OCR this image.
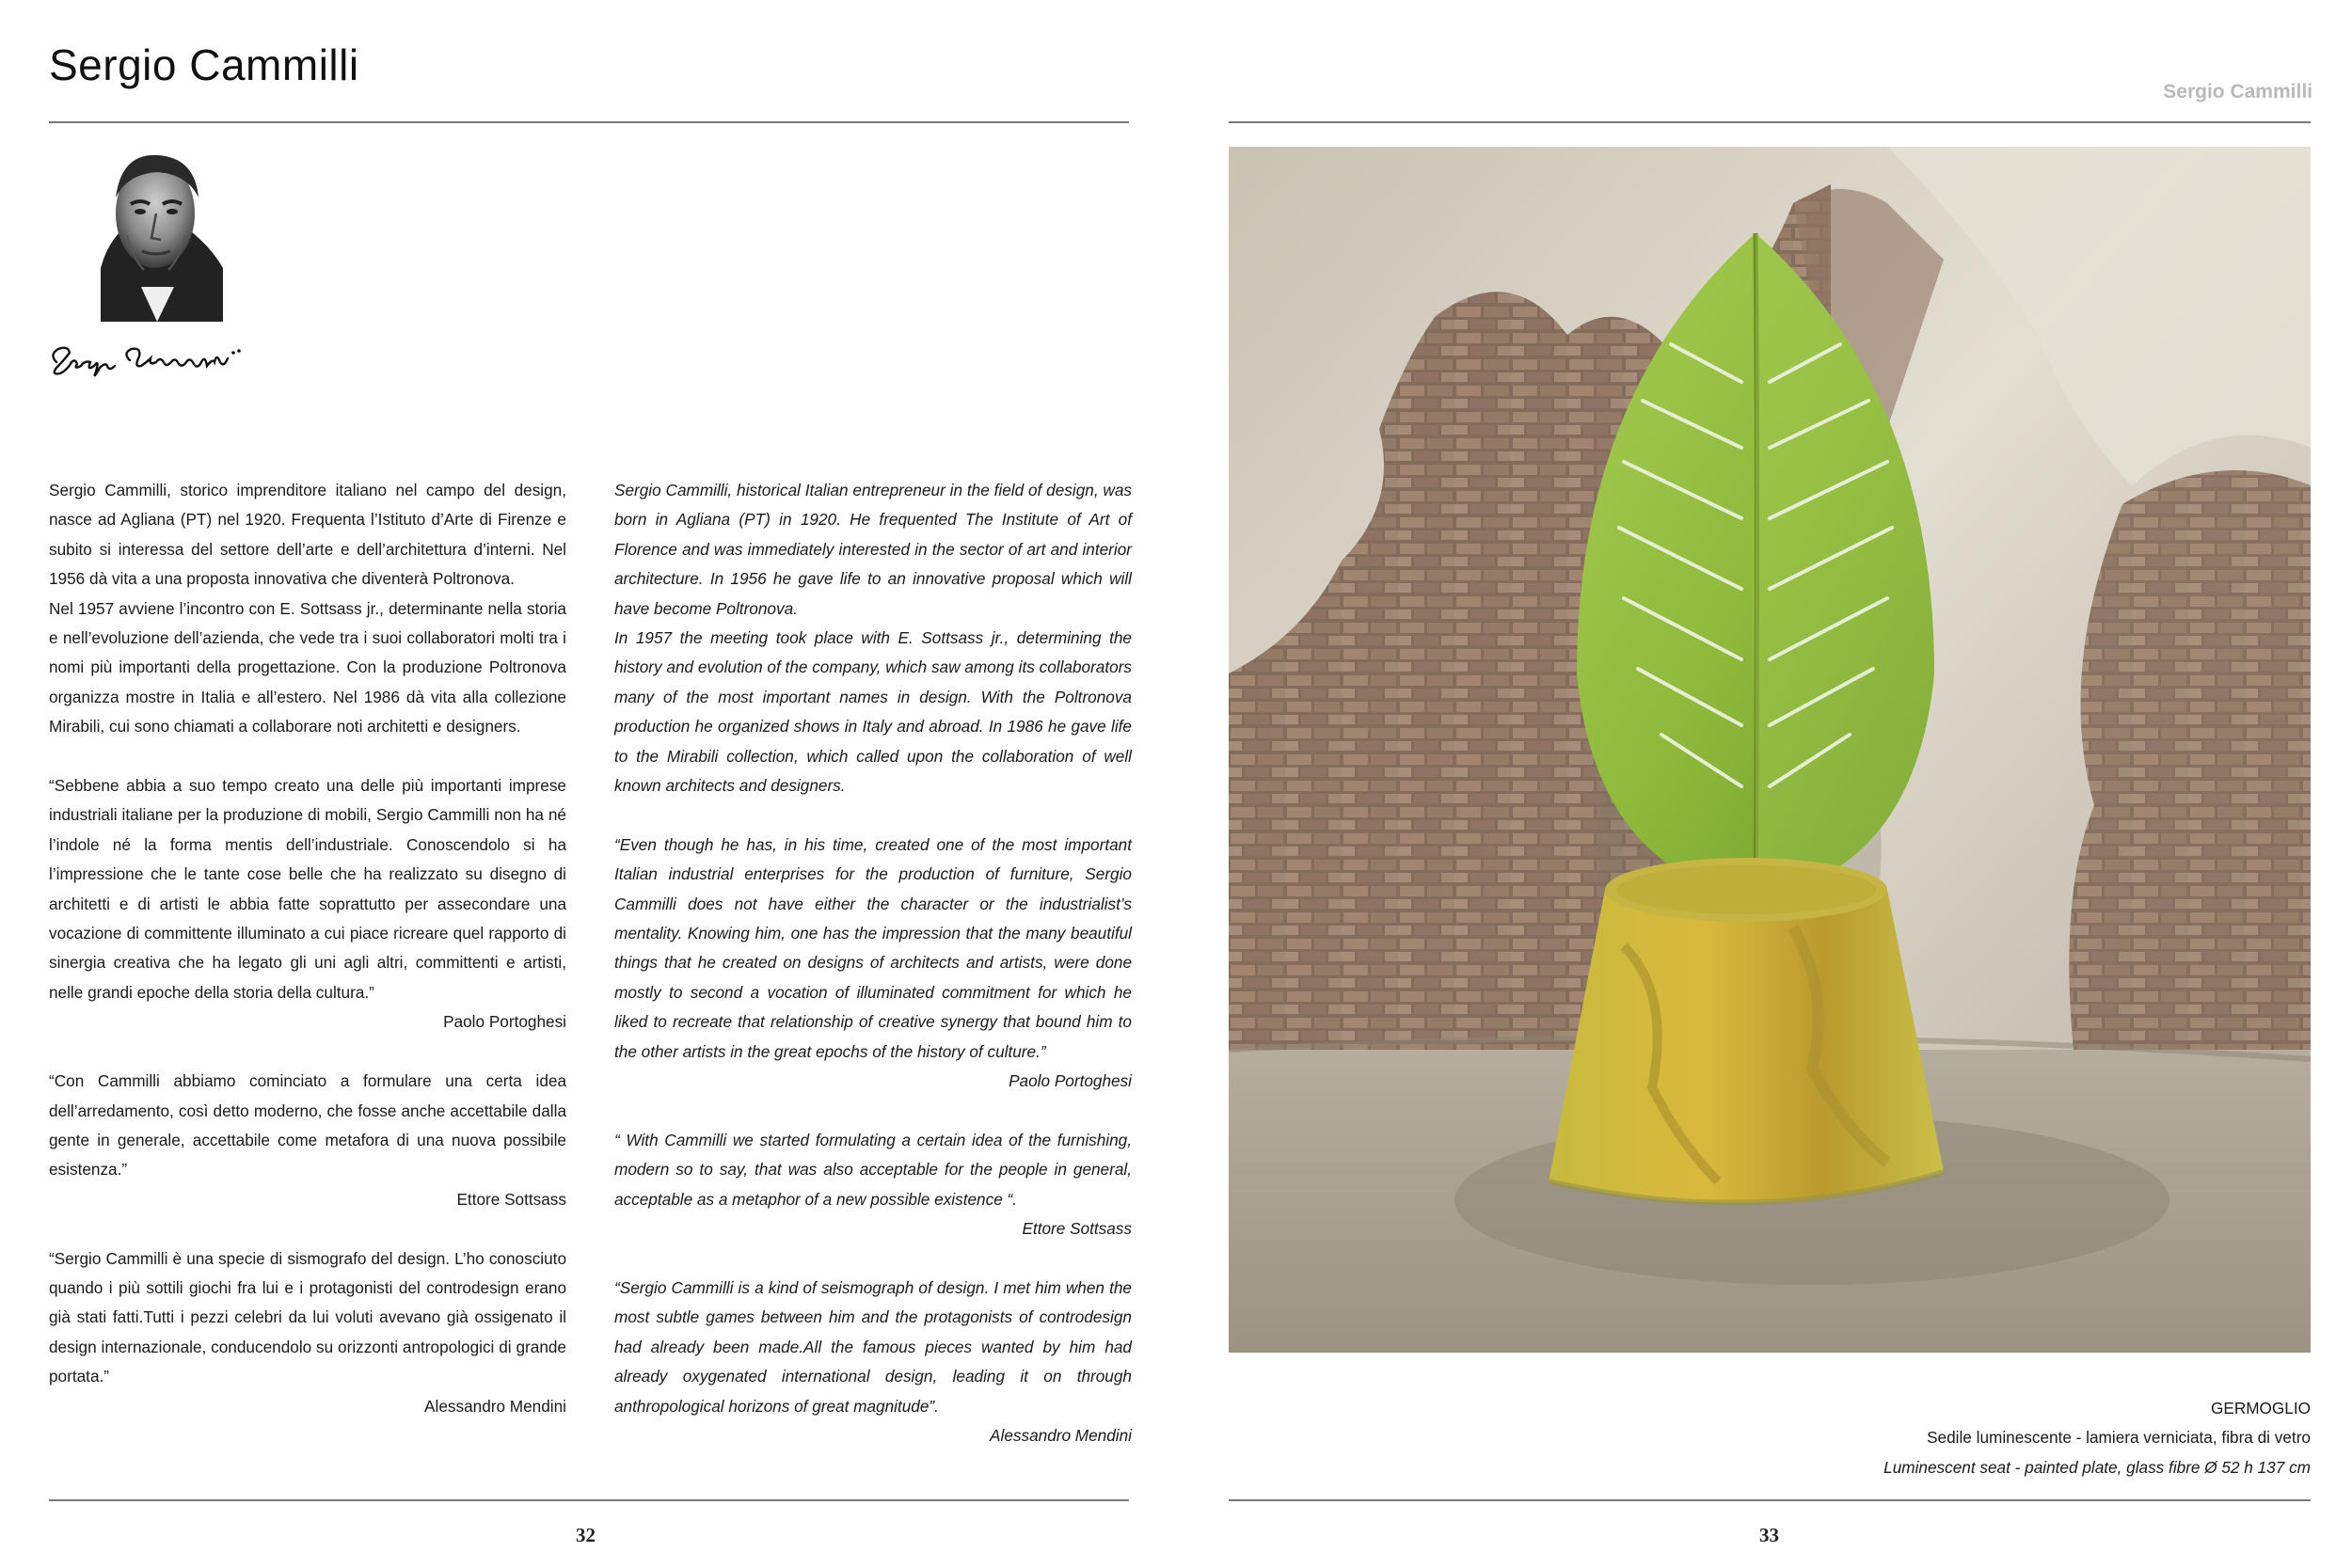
Sergio Cammilli

Sergio Cammilli, storico imprenditore italiano nel campo del design, nasce ad Agliana (PT) nel 1920. Frequenta l’Istituto d’Arte di Firenze e subito si interessa del settore dell’arte e dell’architettura d’interni. Nel 1956 dà vita a una proposta innovativa che diventerà Poltronova.

Nel 1957 avviene l’incontro con E. Sottsass jr., determinante nella storia e nell’evoluzione dell’azienda, che vede tra i suoi collaboratori molti tra i nomi più importanti della progettazione. Con la produzione Poltronova organizza mostre in Italia e all’estero. Nel 1986 dà vita alla collezione Mirabili, cui sono chiamati a collaborare noti architetti e designers.

“Sebbene abbia a suo tempo creato una delle più importanti imprese industriali italiane per la produzione di mobili, Sergio Cammilli non ha né l’indole né la forma mentis dell’industriale. Conoscendolo si ha l’impressione che le tante cose belle che ha realizzato su disegno di architetti e di artisti le abbia fatte soprattutto per assecondare una vocazione di committente illuminato a cui piace ricreare quel rapporto di sinergia creativa che ha legato gli uni agli altri, committenti e artisti, nelle grandi epoche della storia della cultura.”

Paolo Portoghesi

“Con Cammilli abbiamo cominciato a formulare una certa idea dell’arredamento, così detto moderno, che fosse anche accettabile dalla gente in generale, accettabile come metafora di una nuova possibile esistenza.”

Ettore Sottsass

“Sergio Cammilli è una specie di sismografo del design. L’ho conosciuto quando i più sottili giochi fra lui e i protagonisti del controdesign erano già stati fatti.Tutti i pezzi celebri da lui voluti avevano già ossigenato il design internazionale, conducendolo su orizzonti antropologici di grande portata.”

Alessandro Mendini

Sergio Cammilli, historical Italian entrepreneur in the field of design, was born in Agliana (PT) in 1920. He frequented The Institute of Art of Florence and was immediately interested in the sector of art and interior architecture. In 1956 he gave life to an innovative proposal which will have become Poltronova.

In 1957 the meeting took place with E. Sottsass jr., determining the history and evolution of the company, which saw among its collaborators many of the most important names in design. With the Poltronova production he organized shows in Italy and abroad. In 1986 he gave life to the Mirabili collection, which called upon the collaboration of well known architects and designers.

“Even though he has, in his time, created one of the most important Italian industrial enterprises for the production of furniture, Sergio Cammilli does not have either the character or the industrialist’s mentality. Knowing him, one has the impression that the many beautiful things that he created on designs of architects and artists, were done mostly to second a vocation of illuminated commitment for which he liked to recreate that relationship of creative synergy that bound him to the other artists in the great epochs of the history of culture.”

Paolo Portoghesi

“ With Cammilli we started formulating a certain idea of the furnishing, modern so to say, that was also acceptable for the people in general, acceptable as a metaphor of a new possible existence “.

Ettore Sottsass

“Sergio Cammilli is a kind of seismograph of design. I met him when the most subtle games between him and the protagonists of controdesign had already been made.All the famous pieces wanted by him had already oxygenated international design, leading it on through anthropological horizons of great magnitude”.

Alessandro Mendini

32
Sergio Cammilli
GERMOGLIO
Sedile luminescente - lamiera verniciata, fibra di vetro
Luminescent seat - painted plate, glass fibre Ø 52 h 137 cm
33
